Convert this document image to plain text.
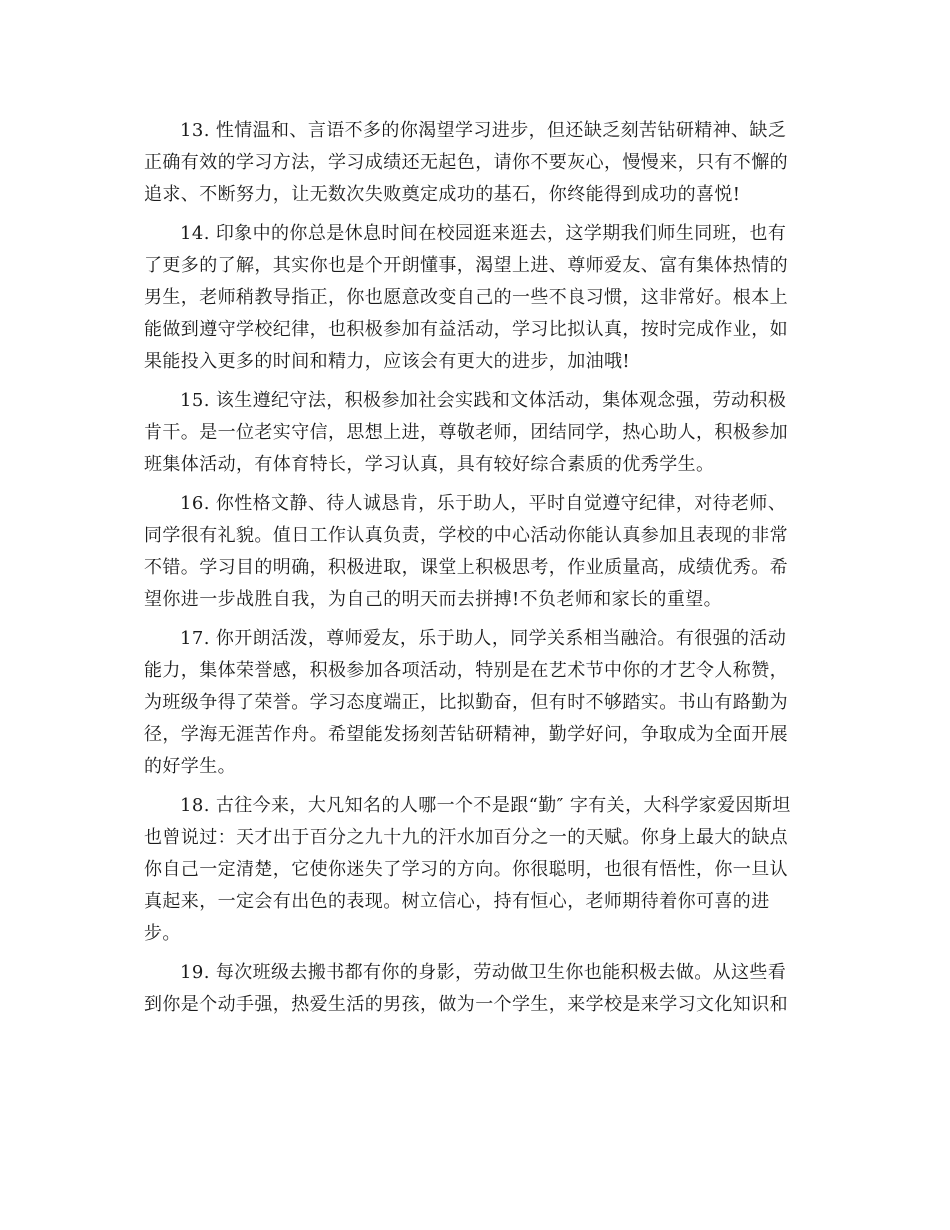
13. 性情温和、言语不多的你渴望学习进步，但还缺乏刻苦钻研精神、缺乏正确有效的学习方法，学习成绩还无起色，请你不要灰心，慢慢来，只有不懈的追求、不断努力，让无数次失败奠定成功的基石，你终能得到成功的喜悦!

14. 印象中的你总是休息时间在校园逛来逛去，这学期我们师生同班，也有了更多的了解，其实你也是个开朗懂事，渴望上进、尊师爱友、富有集体热情的男生，老师稍教导指正，你也愿意改变自己的一些不良习惯，这非常好。根本上能做到遵守学校纪律，也积极参加有益活动，学习比拟认真，按时完成作业，如果能投入更多的时间和精力，应该会有更大的进步，加油哦!

15. 该生遵纪守法，积极参加社会实践和文体活动，集体观念强，劳动积极肯干。是一位老实守信，思想上进，尊敬老师，团结同学，热心助人，积极参加班集体活动，有体育特长，学习认真，具有较好综合素质的优秀学生。

16. 你性格文静、待人诚恳肯，乐于助人，平时自觉遵守纪律，对待老师、同学很有礼貌。值日工作认真负责，学校的中心活动你能认真参加且表现的非常不错。学习目的明确，积极进取，课堂上积极思考，作业质量高，成绩优秀。希望你进一步战胜自我，为自己的明天而去拼搏!不负老师和家长的重望。

17. 你开朗活泼，尊师爱友，乐于助人，同学关系相当融洽。有很强的活动能力，集体荣誉感，积极参加各项活动，特别是在艺术节中你的才艺令人称赞，为班级争得了荣誉。学习态度端正，比拟勤奋，但有时不够踏实。书山有路勤为径，学海无涯苦作舟。希望能发扬刻苦钻研精神，勤学好问，争取成为全面开展的好学生。

18. 古往今来，大凡知名的人哪一个不是跟“勤″ 字有关，大科学家爱因斯坦也曾说过：天才出于百分之九十九的汗水加百分之一的天赋。你身上最大的缺点你自己一定清楚，它使你迷失了学习的方向。你很聪明，也很有悟性，你一旦认真起来，一定会有出色的表现。树立信心，持有恒心，老师期待着你可喜的进步。

19. 每次班级去搬书都有你的身影，劳动做卫生你也能积极去做。从这些看到你是个动手强，热爱生活的男孩，做为一个学生，来学校是来学习文化知识和
